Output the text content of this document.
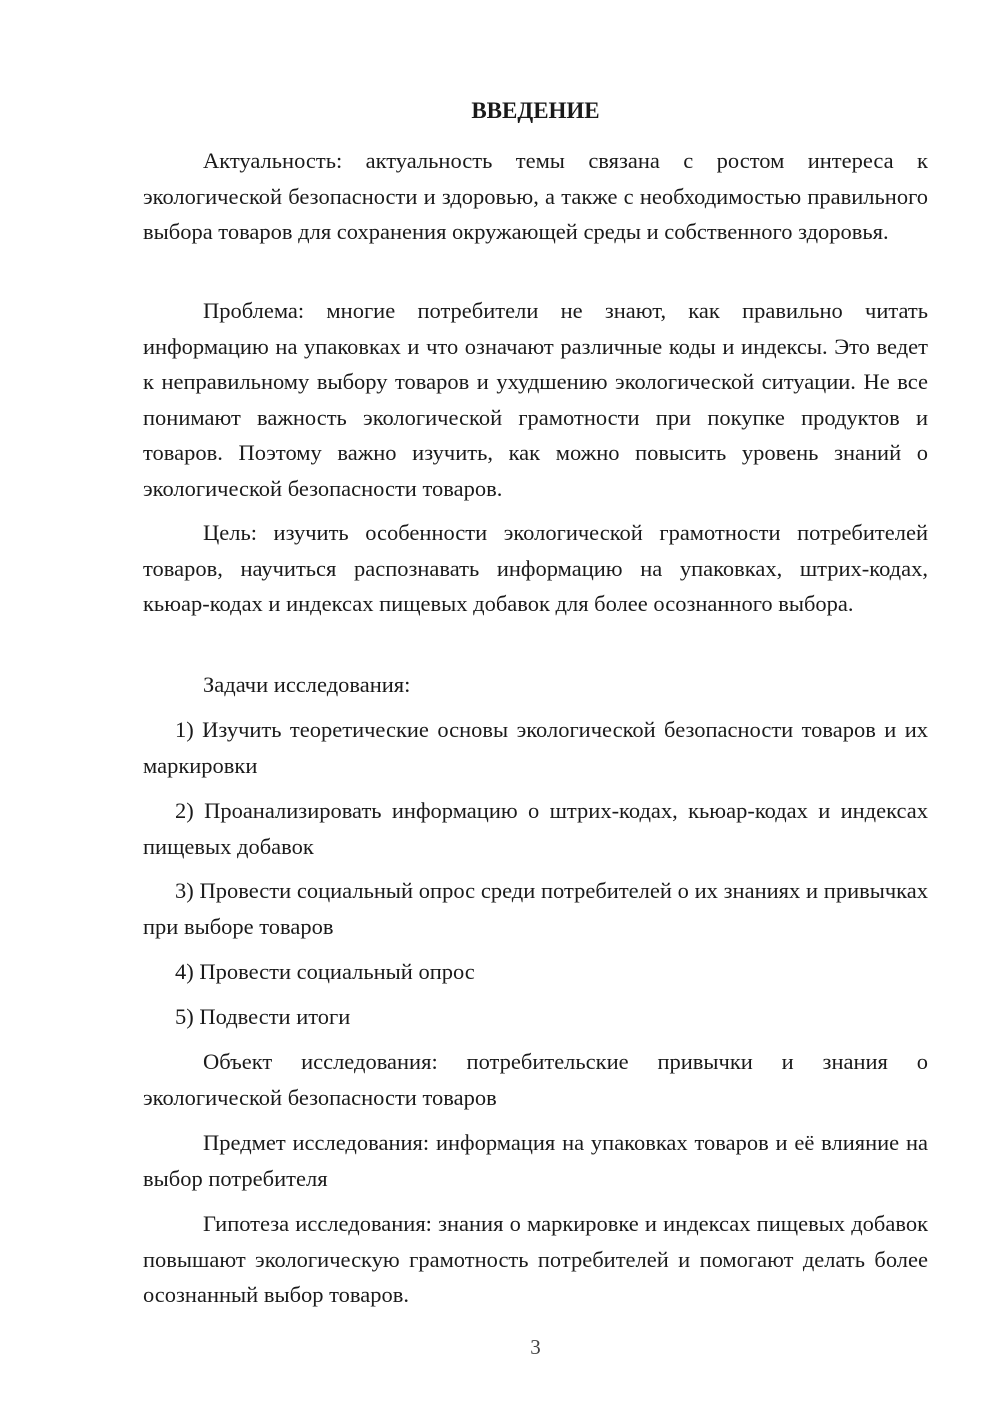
ВВЕДЕНИЕ

Актуальность: актуальность темы связана с ростом интереса к экологической безопасности и здоровью, а также с необходимостью правильного выбора товаров для сохранения окружающей среды и собственного здоровья.

Проблема: многие потребители не знают, как правильно читать информацию на упаковках и что означают различные коды и индексы. Это ведет к неправильному выбору товаров и ухудшению экологической ситуации. Не все понимают важность экологической грамотности при покупке продуктов и товаров. Поэтому важно изучить, как можно повысить уровень знаний о экологической безопасности товаров.

Цель: изучить особенности экологической грамотности потребителей товаров, научиться распознавать информацию на упаковках, штрих-кодах, кьюар-кодах и индексах пищевых добавок для более осознанного выбора.

Задачи исследования:

1) Изучить теоретические основы экологической безопасности товаров и их маркировки

2) Проанализировать информацию о штрих-кодах, кьюар-кодах и индексах пищевых добавок

3) Провести социальный опрос среди потребителей о их знаниях и привычках при выборе товаров

4) Провести социальный опрос

5) Подвести итоги

Объект исследования: потребительские привычки и знания о экологической безопасности товаров

Предмет исследования: информация на упаковках товаров и её влияние на выбор потребителя

Гипотеза исследования: знания о маркировке и индексах пищевых добавок повышают экологическую грамотность потребителей и помогают делать более осознанный выбор товаров.

3
